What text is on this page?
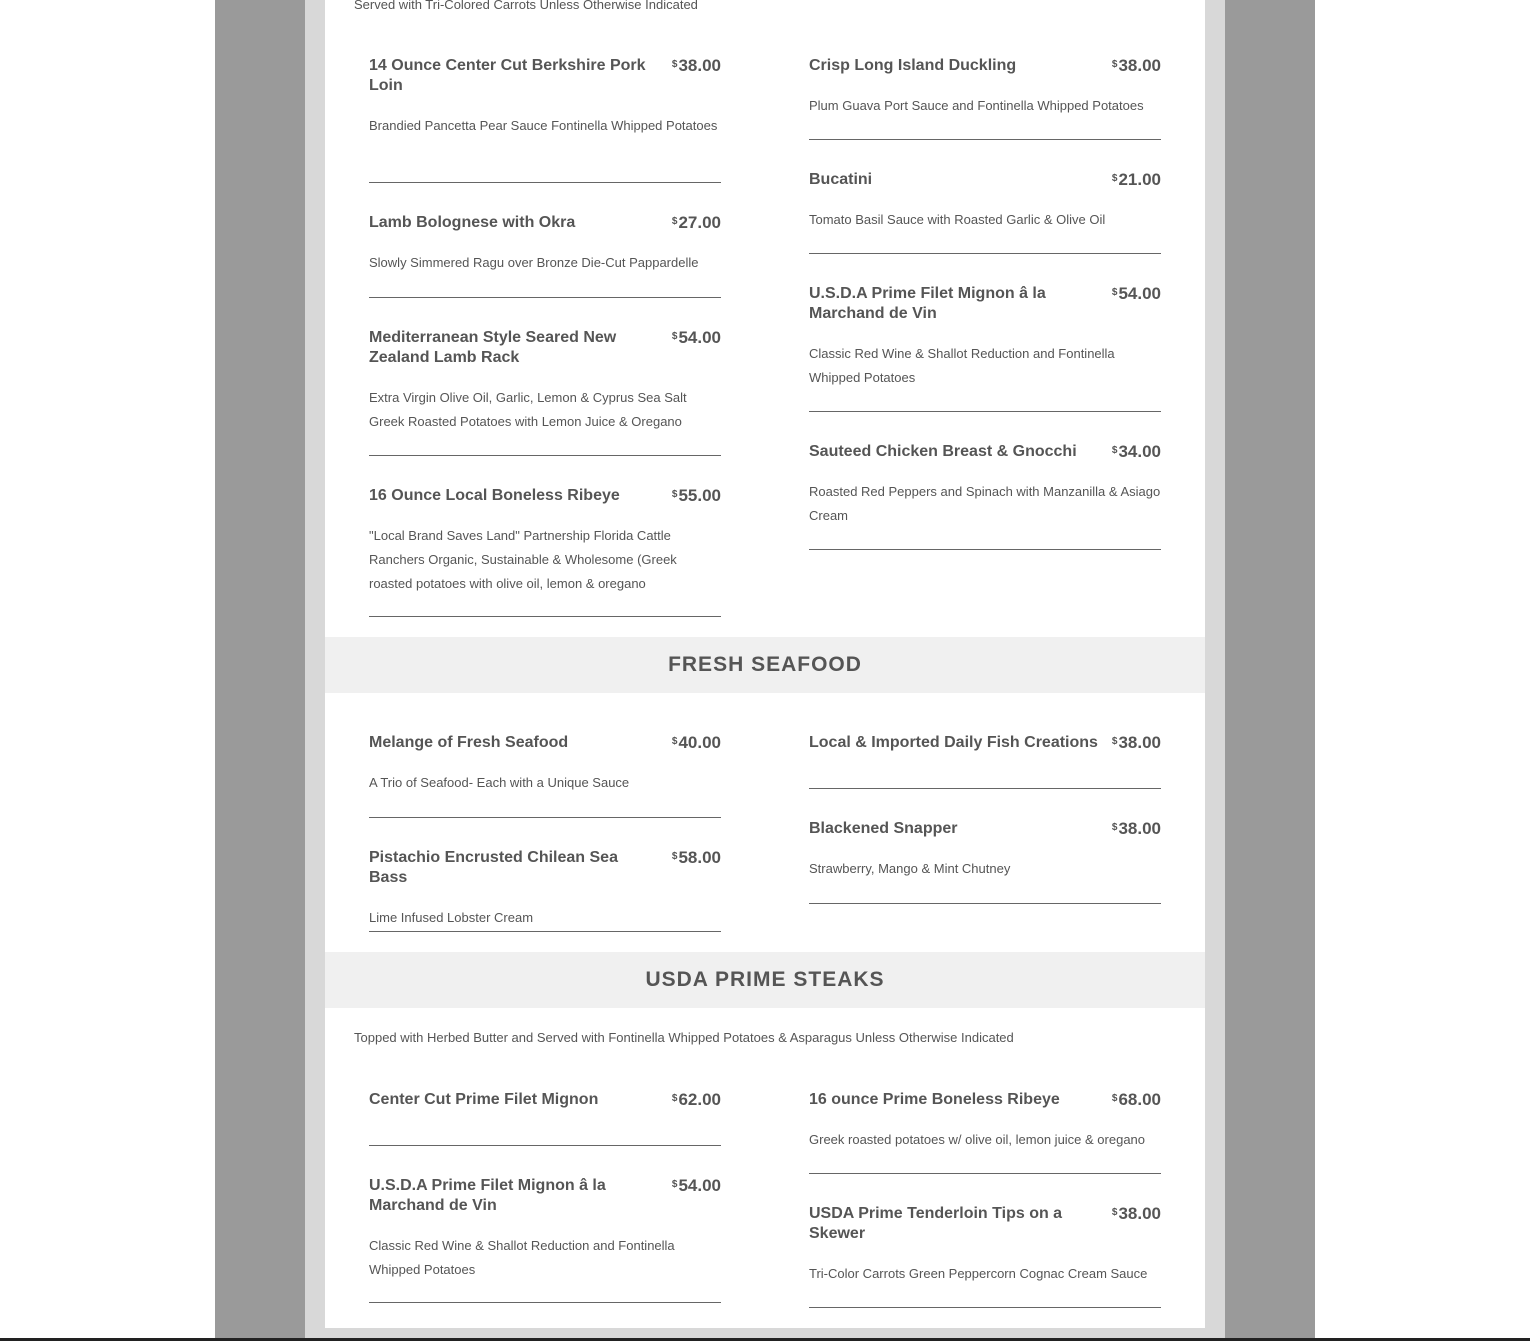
Served with Tri-Colored Carrots Unless Otherwise Indicated
14 Ounce Center Cut Berkshire Pork Loin
$38.00
Brandied Pancetta Pear Sauce Fontinella Whipped Potatoes
Lamb Bolognese with Okra	$27.00
Slowly Simmered Ragu over Bronze Die-Cut Pappardelle
Mediterranean Style Seared New Zealand Lamb Rack
$54.00
Extra Virgin Olive Oil, Garlic, Lemon & Cyprus Sea Salt Greek Roasted Potatoes with Lemon Juice & Oregano
16 Ounce Local Boneless Ribeye	$55.00
"Local Brand Saves Land" Partnership Florida Cattle Ranchers Organic, Sustainable & Wholesome (Greek roasted potatoes with olive oil, lemon & oregano
Crisp Long Island Duckling	$38.00
Plum Guava Port Sauce and Fontinella Whipped Potatoes
Bucatini	$21.00
Tomato Basil Sauce with Roasted Garlic & Olive Oil
U.S.D.A Prime Filet Mignon â la Marchand de Vin
$54.00
Classic Red Wine & Shallot Reduction and Fontinella Whipped Potatoes
Sauteed Chicken Breast & Gnocchi	$34.00
Roasted Red Peppers and Spinach with Manzanilla & Asiago Cream
FRESH SEAFOOD
Melange of Fresh Seafood	$40.00
A Trio of Seafood- Each with a Unique Sauce
Pistachio Encrusted Chilean Sea Bass
$58.00
Lime Infused Lobster Cream
Local & Imported Daily Fish Creations	$38.00
Blackened Snapper	$38.00
Strawberry, Mango & Mint Chutney
USDA PRIME STEAKS
Topped with Herbed Butter and Served with Fontinella Whipped Potatoes & Asparagus Unless Otherwise Indicated
Center Cut Prime Filet Mignon	$62.00
U.S.D.A Prime Filet Mignon â la Marchand de Vin
$54.00
Classic Red Wine & Shallot Reduction and Fontinella Whipped Potatoes
16 ounce Prime Boneless Ribeye	$68.00
Greek roasted potatoes w/ olive oil, lemon juice & oregano
USDA Prime Tenderloin Tips on a Skewer
$38.00
Tri-Color Carrots Green Peppercorn Cognac Cream Sauce
